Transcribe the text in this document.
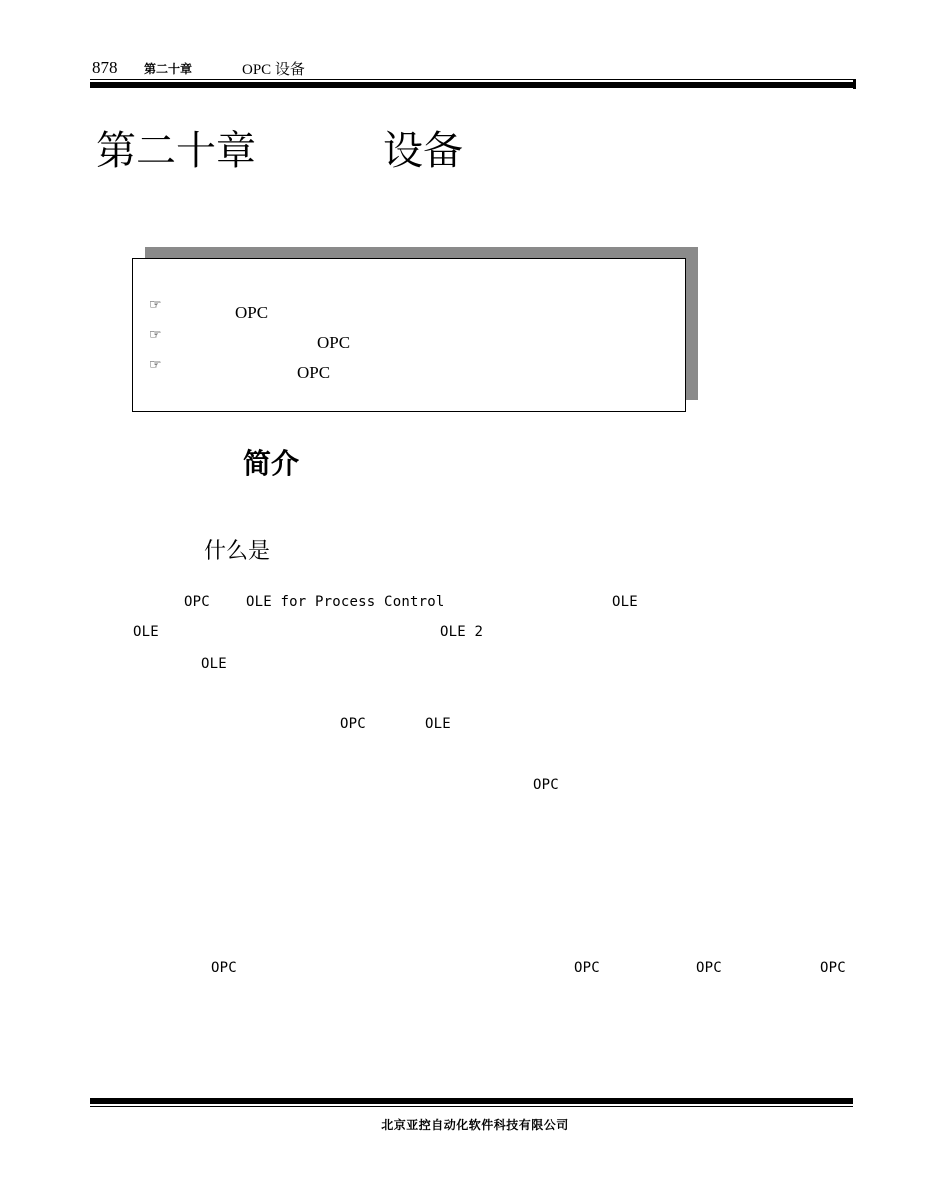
878 第二十章	OPC 设备
第二十章	设备
☞	OPC
☞	OPC
☞	OPC
简介
什么是
OPC	OLE for Process Control	OLE
OLE	OLE 2
OLE
OPC	OLE
OPC
OPC	OPC	OPC	OPC
北京亚控自动化软件科技有限公司
